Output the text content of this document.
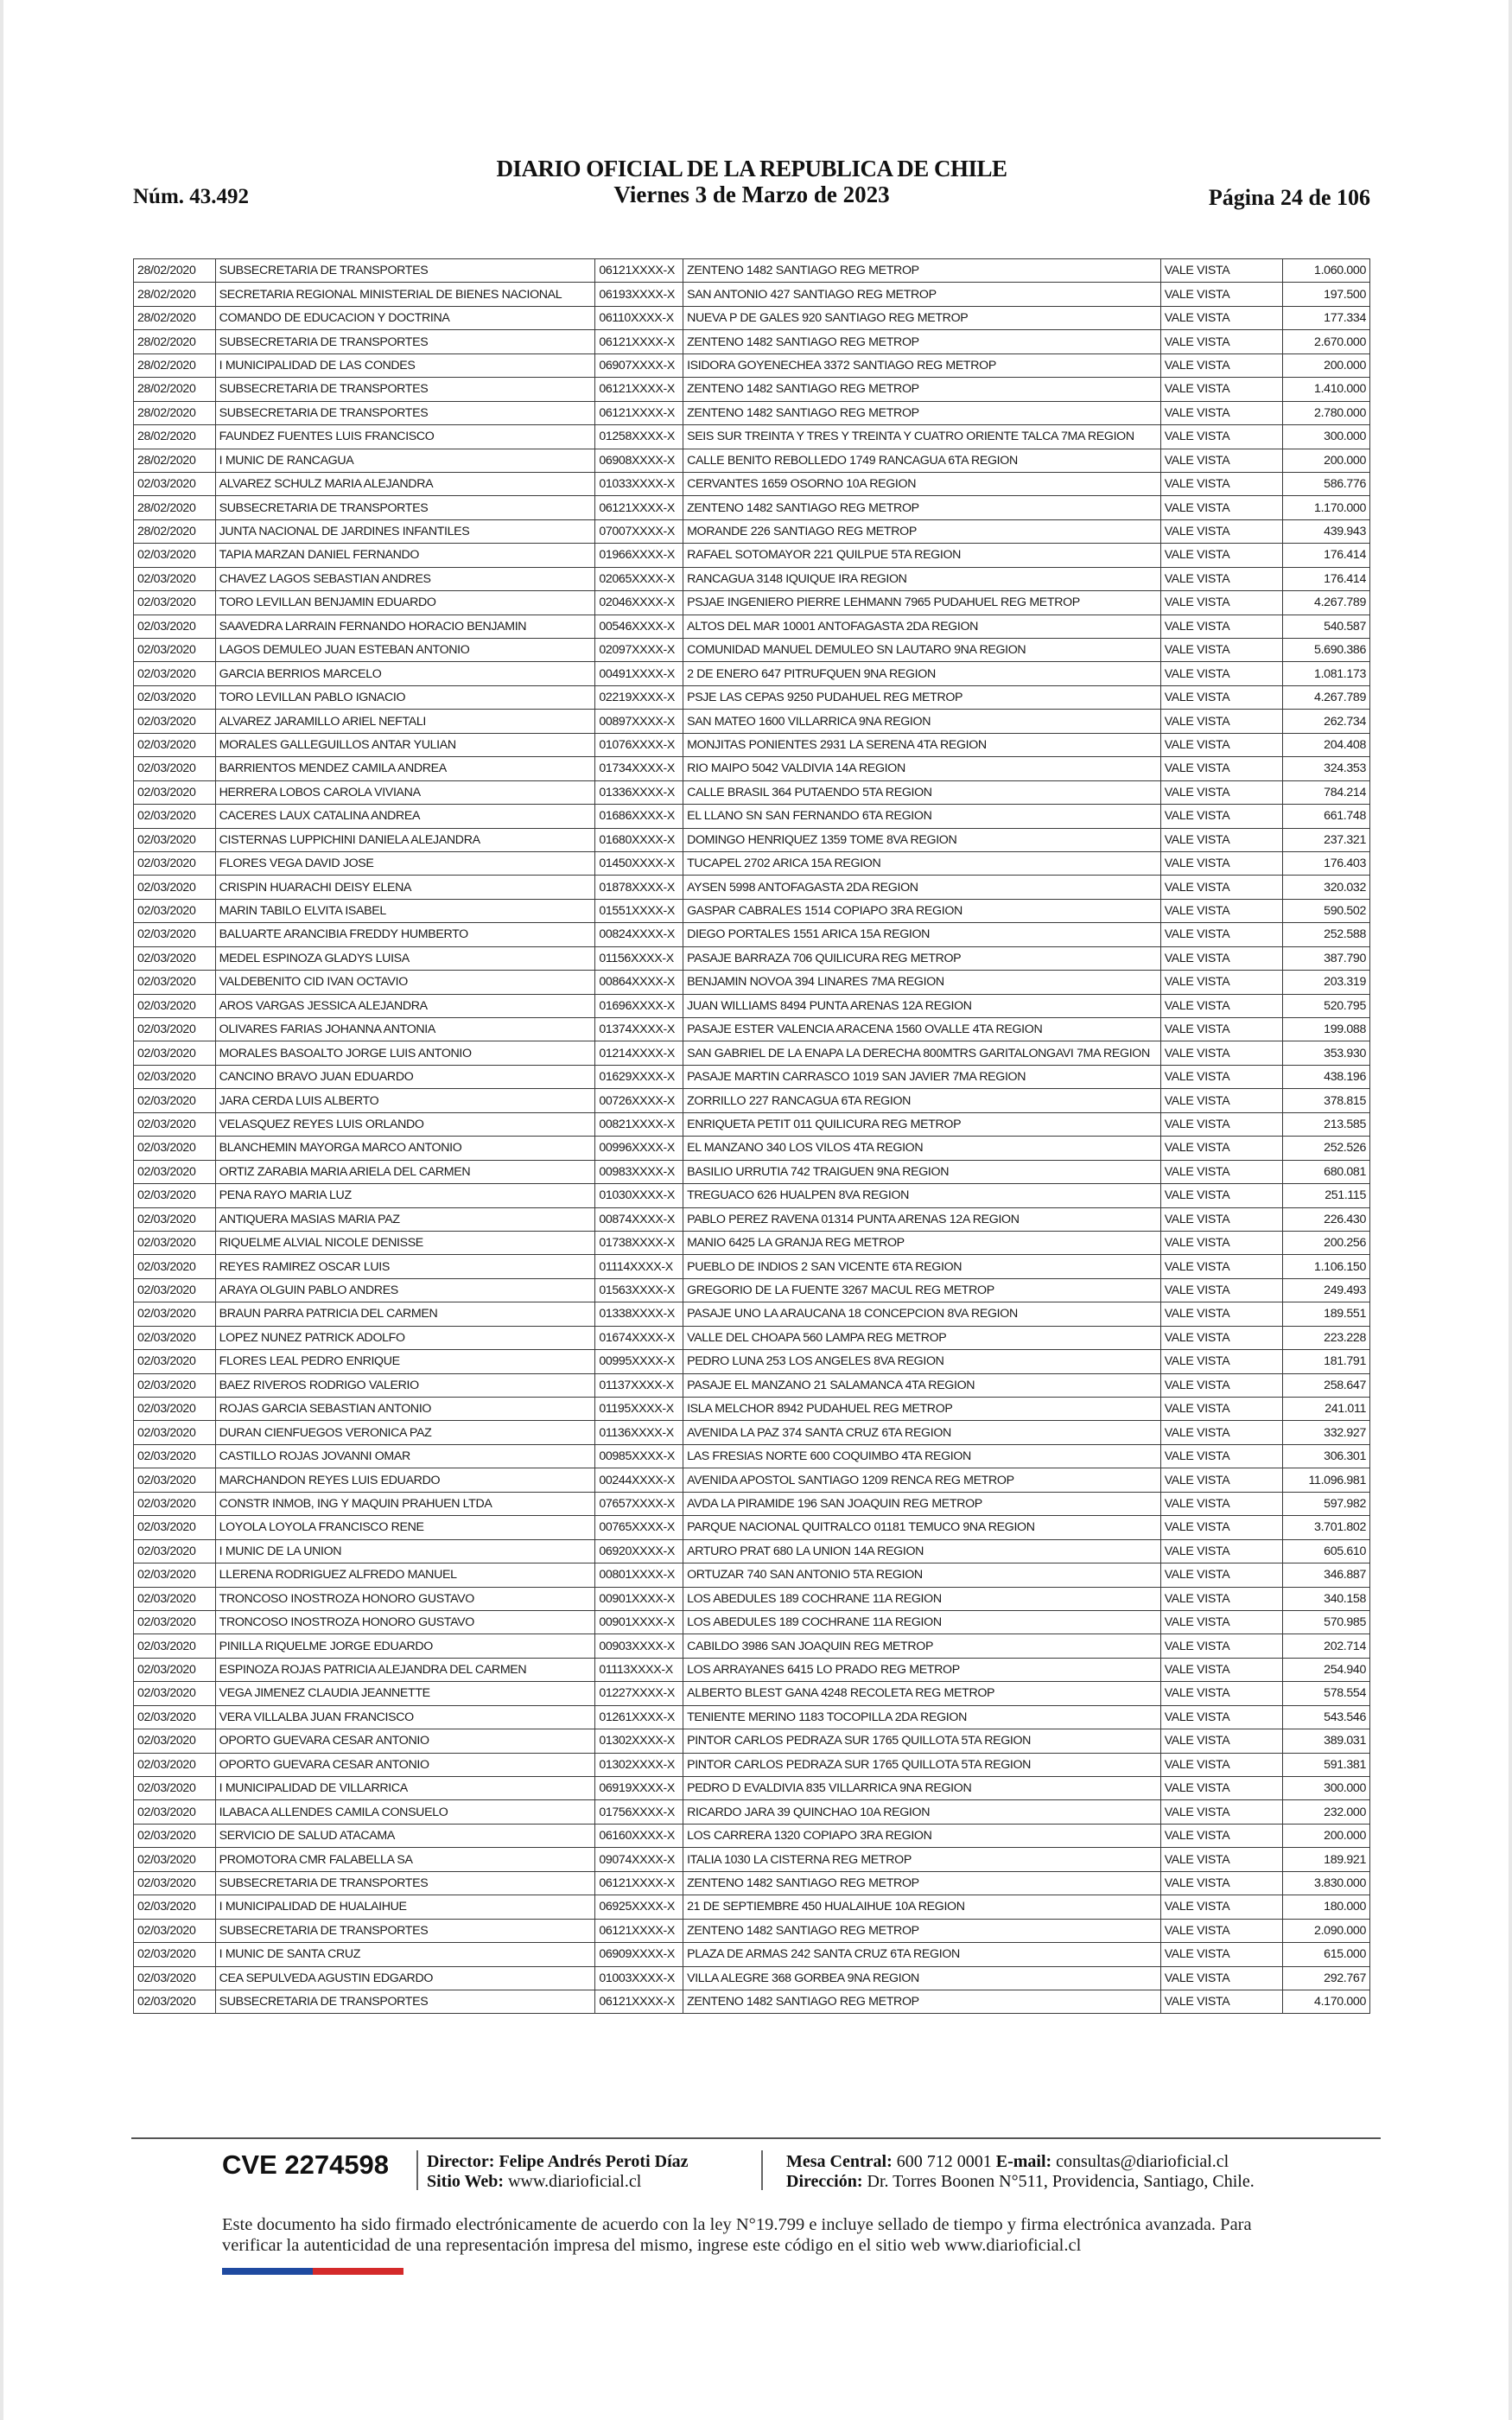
Núm. 43.492
DIARIO OFICIAL DE LA REPUBLICA DE CHILE
Viernes 3 de Marzo de 2023	Página 24 de 106
28/02/2020	SUBSECRETARIA DE TRANSPORTES	06121XXXX-X	ZENTENO 1482 SANTIAGO REG METROP	VALE VISTA	1.060.000
28/02/2020	SECRETARIA REGIONAL MINISTERIAL DE BIENES NACIONAL	06193XXXX-X	SAN ANTONIO 427 SANTIAGO REG METROP	VALE VISTA	197.500
28/02/2020	COMANDO DE EDUCACION Y DOCTRINA	06110XXXX-X	NUEVA P DE GALES 920 SANTIAGO REG METROP	VALE VISTA	177.334
28/02/2020	SUBSECRETARIA DE TRANSPORTES	06121XXXX-X	ZENTENO 1482 SANTIAGO REG METROP	VALE VISTA	2.670.000
28/02/2020	I MUNICIPALIDAD DE LAS CONDES	06907XXXX-X	ISIDORA GOYENECHEA 3372 SANTIAGO REG METROP	VALE VISTA	200.000
28/02/2020	SUBSECRETARIA DE TRANSPORTES	06121XXXX-X	ZENTENO 1482 SANTIAGO REG METROP	VALE VISTA	1.410.000
28/02/2020	SUBSECRETARIA DE TRANSPORTES	06121XXXX-X	ZENTENO 1482 SANTIAGO REG METROP	VALE VISTA	2.780.000
28/02/2020	FAUNDEZ FUENTES LUIS FRANCISCO	01258XXXX-X	SEIS SUR TREINTA Y TRES Y TREINTA Y CUATRO ORIENTE TALCA 7MA REGION	VALE VISTA	300.000
28/02/2020	I MUNIC DE RANCAGUA	06908XXXX-X	CALLE BENITO REBOLLEDO 1749 RANCAGUA 6TA REGION	VALE VISTA	200.000
02/03/2020	ALVAREZ SCHULZ MARIA ALEJANDRA	01033XXXX-X	CERVANTES 1659 OSORNO 10A REGION	VALE VISTA	586.776
28/02/2020	SUBSECRETARIA DE TRANSPORTES	06121XXXX-X	ZENTENO 1482 SANTIAGO REG METROP	VALE VISTA	1.170.000
28/02/2020	JUNTA NACIONAL DE JARDINES INFANTILES	07007XXXX-X	MORANDE 226 SANTIAGO REG METROP	VALE VISTA	439.943
02/03/2020	TAPIA MARZAN DANIEL FERNANDO	01966XXXX-X	RAFAEL SOTOMAYOR 221 QUILPUE 5TA REGION	VALE VISTA	176.414
02/03/2020	CHAVEZ LAGOS SEBASTIAN ANDRES	02065XXXX-X	RANCAGUA 3148 IQUIQUE IRA REGION	VALE VISTA	176.414
02/03/2020	TORO LEVILLAN BENJAMIN EDUARDO	02046XXXX-X	PSJAE INGENIERO PIERRE LEHMANN 7965 PUDAHUEL REG METROP	VALE VISTA	4.267.789
02/03/2020	SAAVEDRA LARRAIN FERNANDO HORACIO BENJAMIN	00546XXXX-X	ALTOS DEL MAR 10001 ANTOFAGASTA 2DA REGION	VALE VISTA	540.587
02/03/2020	LAGOS DEMULEO JUAN ESTEBAN ANTONIO	02097XXXX-X	COMUNIDAD MANUEL DEMULEO SN LAUTARO 9NA REGION	VALE VISTA	5.690.386
02/03/2020	GARCIA BERRIOS MARCELO	00491XXXX-X	2 DE ENERO 647 PITRUFQUEN 9NA REGION	VALE VISTA	1.081.173
02/03/2020	TORO LEVILLAN PABLO IGNACIO	02219XXXX-X	PSJE LAS CEPAS 9250 PUDAHUEL REG METROP	VALE VISTA	4.267.789
02/03/2020	ALVAREZ JARAMILLO ARIEL NEFTALI	00897XXXX-X	SAN MATEO 1600 VILLARRICA 9NA REGION	VALE VISTA	262.734
02/03/2020	MORALES GALLEGUILLOS ANTAR YULIAN	01076XXXX-X	MONJITAS PONIENTES 2931 LA SERENA 4TA REGION	VALE VISTA	204.408
02/03/2020	BARRIENTOS MENDEZ CAMILA ANDREA	01734XXXX-X	RIO MAIPO 5042 VALDIVIA 14A REGION	VALE VISTA	324.353
02/03/2020	HERRERA LOBOS CAROLA VIVIANA	01336XXXX-X	CALLE BRASIL 364 PUTAENDO 5TA REGION	VALE VISTA	784.214
02/03/2020	CACERES LAUX CATALINA ANDREA	01686XXXX-X	EL LLANO SN SAN FERNANDO 6TA REGION	VALE VISTA	661.748
02/03/2020	CISTERNAS LUPPICHINI DANIELA ALEJANDRA	01680XXXX-X	DOMINGO HENRIQUEZ 1359 TOME 8VA REGION	VALE VISTA	237.321
02/03/2020	FLORES VEGA DAVID JOSE	01450XXXX-X	TUCAPEL 2702 ARICA 15A REGION	VALE VISTA	176.403
02/03/2020	CRISPIN HUARACHI DEISY ELENA	01878XXXX-X	AYSEN 5998 ANTOFAGASTA 2DA REGION	VALE VISTA	320.032
02/03/2020	MARIN TABILO ELVITA ISABEL	01551XXXX-X	GASPAR CABRALES 1514 COPIAPO 3RA REGION	VALE VISTA	590.502
02/03/2020	BALUARTE ARANCIBIA FREDDY HUMBERTO	00824XXXX-X	DIEGO PORTALES 1551 ARICA 15A REGION	VALE VISTA	252.588
02/03/2020	MEDEL ESPINOZA GLADYS LUISA	01156XXXX-X	PASAJE BARRAZA 706 QUILICURA REG METROP	VALE VISTA	387.790
02/03/2020	VALDEBENITO CID IVAN OCTAVIO	00864XXXX-X	BENJAMIN NOVOA 394 LINARES 7MA REGION	VALE VISTA	203.319
02/03/2020	AROS VARGAS JESSICA ALEJANDRA	01696XXXX-X	JUAN WILLIAMS 8494 PUNTA ARENAS 12A REGION	VALE VISTA	520.795
02/03/2020	OLIVARES FARIAS JOHANNA ANTONIA	01374XXXX-X	PASAJE ESTER VALENCIA ARACENA 1560 OVALLE 4TA REGION	VALE VISTA	199.088
02/03/2020	MORALES BASOALTO JORGE LUIS ANTONIO	01214XXXX-X	SAN GABRIEL DE LA ENAPA LA DERECHA 800MTRS GARITALONGAVI 7MA REGION	VALE VISTA	353.930
02/03/2020	CANCINO BRAVO JUAN EDUARDO	01629XXXX-X	PASAJE MARTIN CARRASCO 1019 SAN JAVIER 7MA REGION	VALE VISTA	438.196
02/03/2020	JARA CERDA LUIS ALBERTO	00726XXXX-X	ZORRILLO 227 RANCAGUA 6TA REGION	VALE VISTA	378.815
02/03/2020	VELASQUEZ REYES LUIS ORLANDO	00821XXXX-X	ENRIQUETA PETIT 011 QUILICURA REG METROP	VALE VISTA	213.585
02/03/2020	BLANCHEMIN MAYORGA MARCO ANTONIO	00996XXXX-X	EL MANZANO 340 LOS VILOS 4TA REGION	VALE VISTA	252.526
02/03/2020	ORTIZ ZARABIA MARIA ARIELA DEL CARMEN	00983XXXX-X	BASILIO URRUTIA 742 TRAIGUEN 9NA REGION	VALE VISTA	680.081
02/03/2020	PENA RAYO MARIA LUZ	01030XXXX-X	TREGUACO 626 HUALPEN 8VA REGION	VALE VISTA	251.115
02/03/2020	ANTIQUERA MASIAS MARIA PAZ	00874XXXX-X	PABLO PEREZ RAVENA 01314 PUNTA ARENAS 12A REGION	VALE VISTA	226.430
02/03/2020	RIQUELME ALVIAL NICOLE DENISSE	01738XXXX-X	MANIO 6425 LA GRANJA REG METROP	VALE VISTA	200.256
02/03/2020	REYES RAMIREZ OSCAR LUIS	01114XXXX-X	PUEBLO DE INDIOS 2 SAN VICENTE 6TA REGION	VALE VISTA	1.106.150
02/03/2020	ARAYA OLGUIN PABLO ANDRES	01563XXXX-X	GREGORIO DE LA FUENTE 3267 MACUL REG METROP	VALE VISTA	249.493
02/03/2020	BRAUN PARRA PATRICIA DEL CARMEN	01338XXXX-X	PASAJE UNO LA ARAUCANA 18 CONCEPCION 8VA REGION	VALE VISTA	189.551
02/03/2020	LOPEZ NUNEZ PATRICK ADOLFO	01674XXXX-X	VALLE DEL CHOAPA 560 LAMPA REG METROP	VALE VISTA	223.228
02/03/2020	FLORES LEAL PEDRO ENRIQUE	00995XXXX-X	PEDRO LUNA 253 LOS ANGELES 8VA REGION	VALE VISTA	181.791
02/03/2020	BAEZ RIVEROS RODRIGO VALERIO	01137XXXX-X	PASAJE EL MANZANO 21 SALAMANCA 4TA REGION	VALE VISTA	258.647
02/03/2020	ROJAS GARCIA SEBASTIAN ANTONIO	01195XXXX-X	ISLA MELCHOR 8942 PUDAHUEL REG METROP	VALE VISTA	241.011
02/03/2020	DURAN CIENFUEGOS VERONICA PAZ	01136XXXX-X	AVENIDA LA PAZ 374 SANTA CRUZ 6TA REGION	VALE VISTA	332.927
02/03/2020	CASTILLO ROJAS JOVANNI OMAR	00985XXXX-X	LAS FRESIAS NORTE 600 COQUIMBO 4TA REGION	VALE VISTA	306.301
02/03/2020	MARCHANDON REYES LUIS EDUARDO	00244XXXX-X	AVENIDA APOSTOL SANTIAGO 1209 RENCA REG METROP	VALE VISTA	11.096.981
02/03/2020	CONSTR INMOB, ING Y MAQUIN PRAHUEN LTDA	07657XXXX-X	AVDA LA PIRAMIDE 196 SAN JOAQUIN REG METROP	VALE VISTA	597.982
02/03/2020	LOYOLA LOYOLA FRANCISCO RENE	00765XXXX-X	PARQUE NACIONAL QUITRALCO 01181 TEMUCO 9NA REGION	VALE VISTA	3.701.802
02/03/2020	I MUNIC DE LA UNION	06920XXXX-X	ARTURO PRAT 680 LA UNION 14A REGION	VALE VISTA	605.610
02/03/2020	LLERENA RODRIGUEZ ALFREDO MANUEL	00801XXXX-X	ORTUZAR 740 SAN ANTONIO 5TA REGION	VALE VISTA	346.887
02/03/2020	TRONCOSO INOSTROZA HONORO GUSTAVO	00901XXXX-X	LOS ABEDULES 189 COCHRANE 11A REGION	VALE VISTA	340.158
02/03/2020	TRONCOSO INOSTROZA HONORO GUSTAVO	00901XXXX-X	LOS ABEDULES 189 COCHRANE 11A REGION	VALE VISTA	570.985
02/03/2020	PINILLA RIQUELME JORGE EDUARDO	00903XXXX-X	CABILDO 3986 SAN JOAQUIN REG METROP	VALE VISTA	202.714
02/03/2020	ESPINOZA ROJAS PATRICIA ALEJANDRA DEL CARMEN	01113XXXX-X	LOS ARRAYANES 6415 LO PRADO REG METROP	VALE VISTA	254.940
02/03/2020	VEGA JIMENEZ CLAUDIA JEANNETTE	01227XXXX-X	ALBERTO BLEST GANA 4248 RECOLETA REG METROP	VALE VISTA	578.554
02/03/2020	VERA VILLALBA JUAN FRANCISCO	01261XXXX-X	TENIENTE MERINO 1183 TOCOPILLA 2DA REGION	VALE VISTA	543.546
02/03/2020	OPORTO GUEVARA CESAR ANTONIO	01302XXXX-X	PINTOR CARLOS PEDRAZA SUR 1765 QUILLOTA 5TA REGION	VALE VISTA	389.031
02/03/2020	OPORTO GUEVARA CESAR ANTONIO	01302XXXX-X	PINTOR CARLOS PEDRAZA SUR 1765 QUILLOTA 5TA REGION	VALE VISTA	591.381
02/03/2020	I MUNICIPALIDAD DE VILLARRICA	06919XXXX-X	PEDRO D EVALDIVIA 835 VILLARRICA 9NA REGION	VALE VISTA	300.000
02/03/2020	ILABACA ALLENDES CAMILA CONSUELO	01756XXXX-X	RICARDO JARA 39 QUINCHAO 10A REGION	VALE VISTA	232.000
02/03/2020	SERVICIO DE SALUD ATACAMA	06160XXXX-X	LOS CARRERA 1320 COPIAPO 3RA REGION	VALE VISTA	200.000
02/03/2020	PROMOTORA CMR FALABELLA SA	09074XXXX-X	ITALIA 1030 LA CISTERNA REG METROP	VALE VISTA	189.921
02/03/2020	SUBSECRETARIA DE TRANSPORTES	06121XXXX-X	ZENTENO 1482 SANTIAGO REG METROP	VALE VISTA	3.830.000
02/03/2020	I MUNICIPALIDAD DE HUALAIHUE	06925XXXX-X	21 DE SEPTIEMBRE 450 HUALAIHUE 10A REGION	VALE VISTA	180.000
02/03/2020	SUBSECRETARIA DE TRANSPORTES	06121XXXX-X	ZENTENO 1482 SANTIAGO REG METROP	VALE VISTA	2.090.000
02/03/2020	I MUNIC DE SANTA CRUZ	06909XXXX-X	PLAZA DE ARMAS 242 SANTA CRUZ 6TA REGION	VALE VISTA	615.000
02/03/2020	CEA SEPULVEDA AGUSTIN EDGARDO	01003XXXX-X	VILLA ALEGRE 368 GORBEA 9NA REGION	VALE VISTA	292.767
02/03/2020	SUBSECRETARIA DE TRANSPORTES	06121XXXX-X	ZENTENO 1482 SANTIAGO REG METROP	VALE VISTA	4.170.000
CVE 2274598 Director: Felipe Andrés Peroti Díaz
Sitio Web: www.diarioficial.cl
Mesa Central: 600 712 0001 E-mail: consultas@diarioficial.cl
Dirección: Dr. Torres Boonen N°511, Providencia, Santiago, Chile.
Este documento ha sido firmado electrónicamente de acuerdo con la ley N°19.799 e incluye sellado de tiempo y firma electrónica avanzada. Para verificar la autenticidad de una representación impresa del mismo, ingrese este código en el sitio web www.diarioficial.cl
